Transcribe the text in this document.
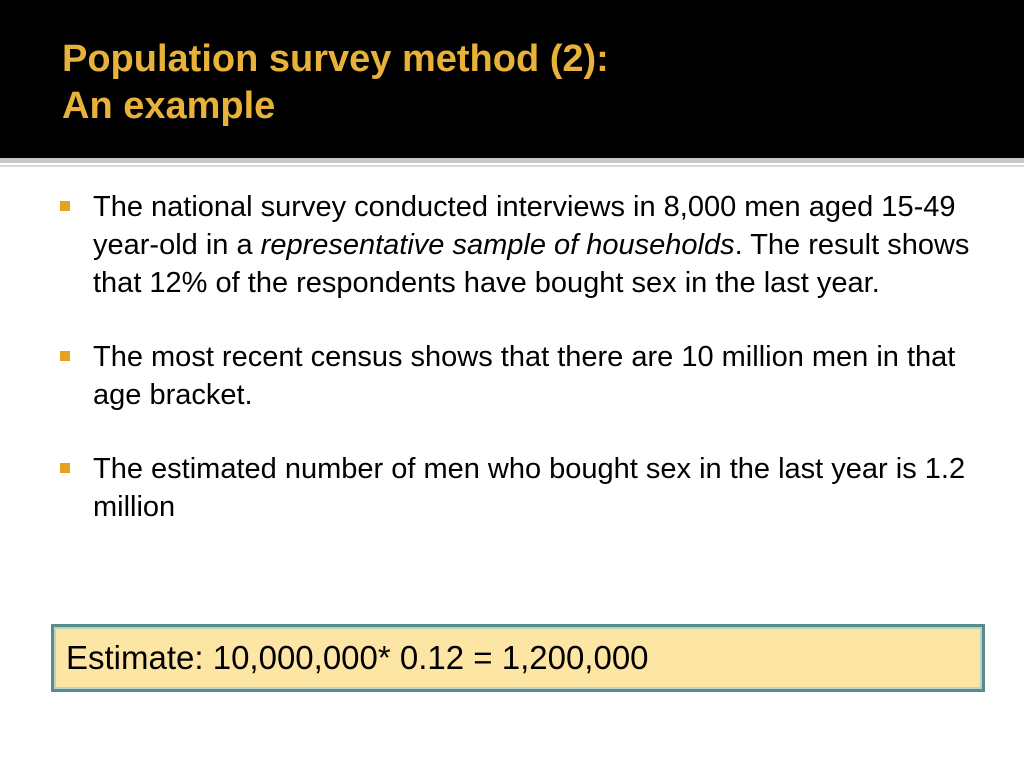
Population survey method (2):
An example
The national survey conducted interviews in 8,000 men aged 15-49 year-old in a representative sample of households. The result shows that 12% of the respondents have bought sex in the last year.
The most recent census shows that there are 10 million men in that age bracket.
The estimated number of men who bought sex in the last year is 1.2 million
Estimate: 10,000,000* 0.12 = 1,200,000
